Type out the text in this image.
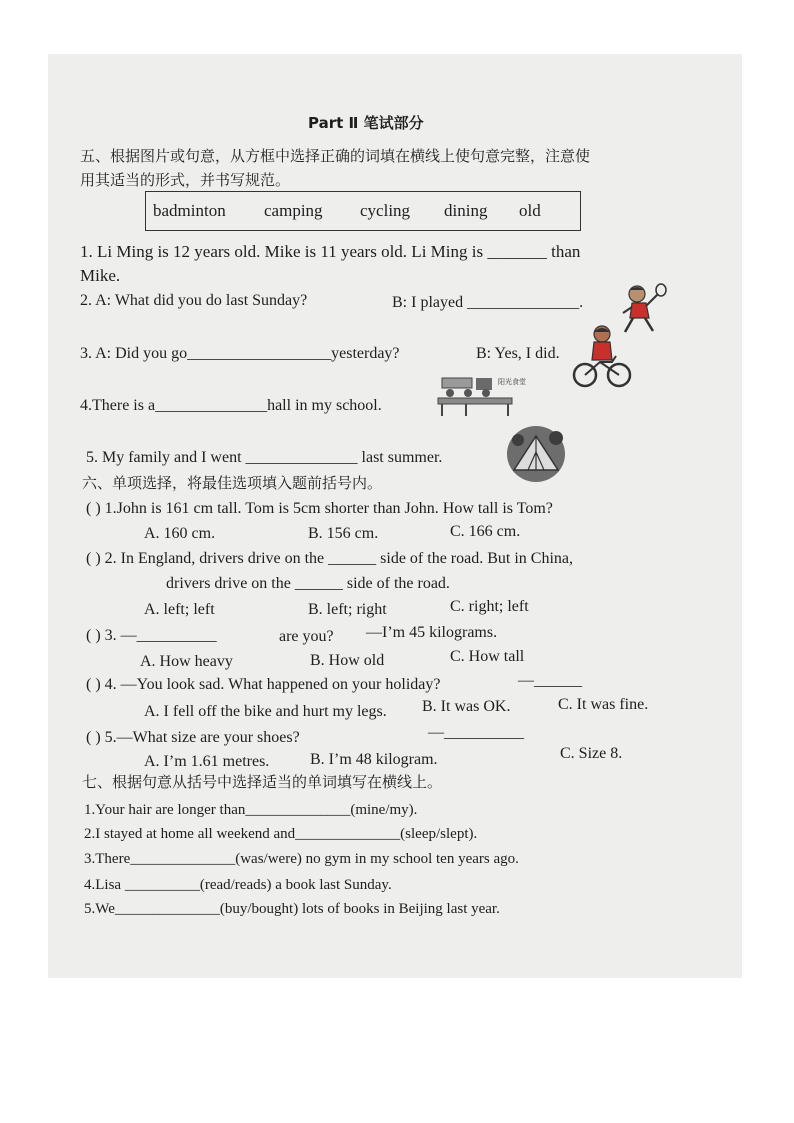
Part Ⅱ 笔试部分
五、根据图片或句意，从方框中选择正确的词填在横线上使句意完整，注意使
用其适当的形式，并书写规范。
badminton camping cycling dining old
1. Li Ming is 12 years old. Mike is 11 years old. Li Ming is _______ than
Mike.
2. A: What did you do last Sunday?	B: I played ______________.
3. A: Did you go__________________yesterday?	B: Yes, I did.
4.There is a______________hall in my school.
阳光食堂
5. My family and I went ______________ last summer.
六、单项选择，将最佳选项填入题前括号内。
( ) 1.John is 161 cm tall. Tom is 5cm shorter than John. How tall is Tom?
A. 160 cm.	B. 156 cm.	C. 166 cm.
( ) 2. In England, drivers drive on the ______ side of the road. But in China,
drivers drive on the ______ side of the road.
A. left; left	B. left; right	C. right; left
( ) 3. —__________	are you? —I’m 45 kilograms.
A. How heavy	B. How old	C. How tall
( ) 4. —You look sad. What happened on your holiday?	—______
A. I fell off the bike and hurt my legs. B. It was OK.	C. It was fine.
( ) 5.—What size are your shoes?	—__________
A. I’m 1.61 metres.	B. I’m 48 kilogram.	C. Size 8.
七、根据句意从括号中选择适当的单词填写在横线上。
1.Your hair are longer than______________(mine/my).
2.I stayed at home all weekend and______________(sleep/slept).
3.There______________(was/were) no gym in my school ten years ago.
4.Lisa __________(read/reads) a book last Sunday.
5.We______________(buy/bought) lots of books in Beijing last year.
